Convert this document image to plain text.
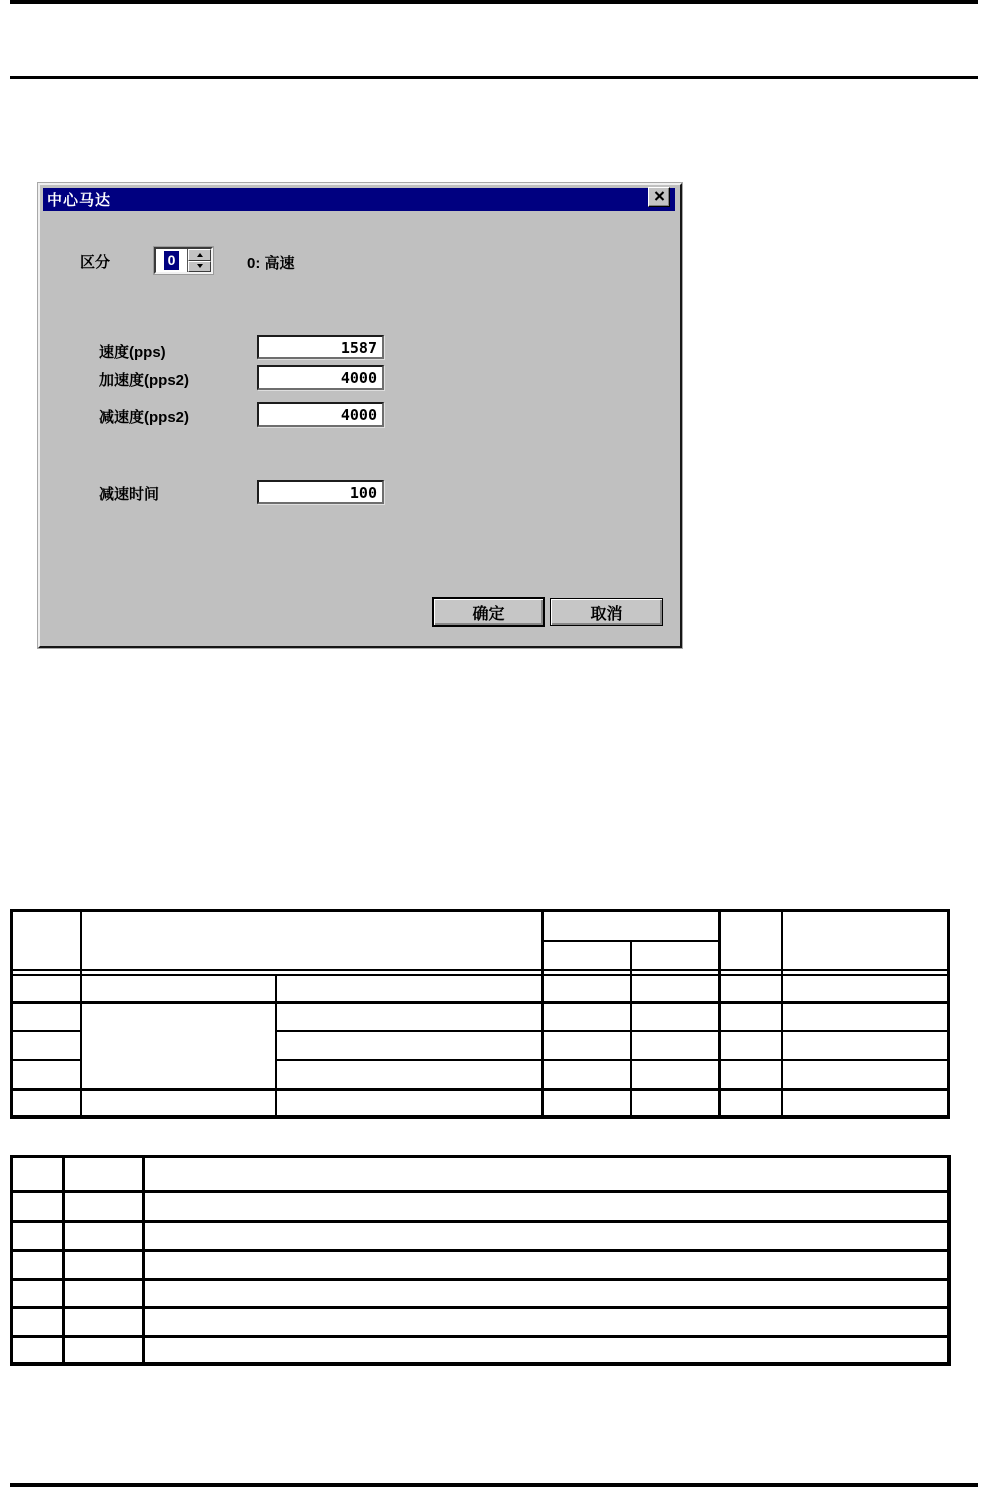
中心马达
区分	0	0: 高速
速度(pps)	1587
加速度(pps2)	4000
减速度(pps2)	4000
减速时间	100
确定	取消
